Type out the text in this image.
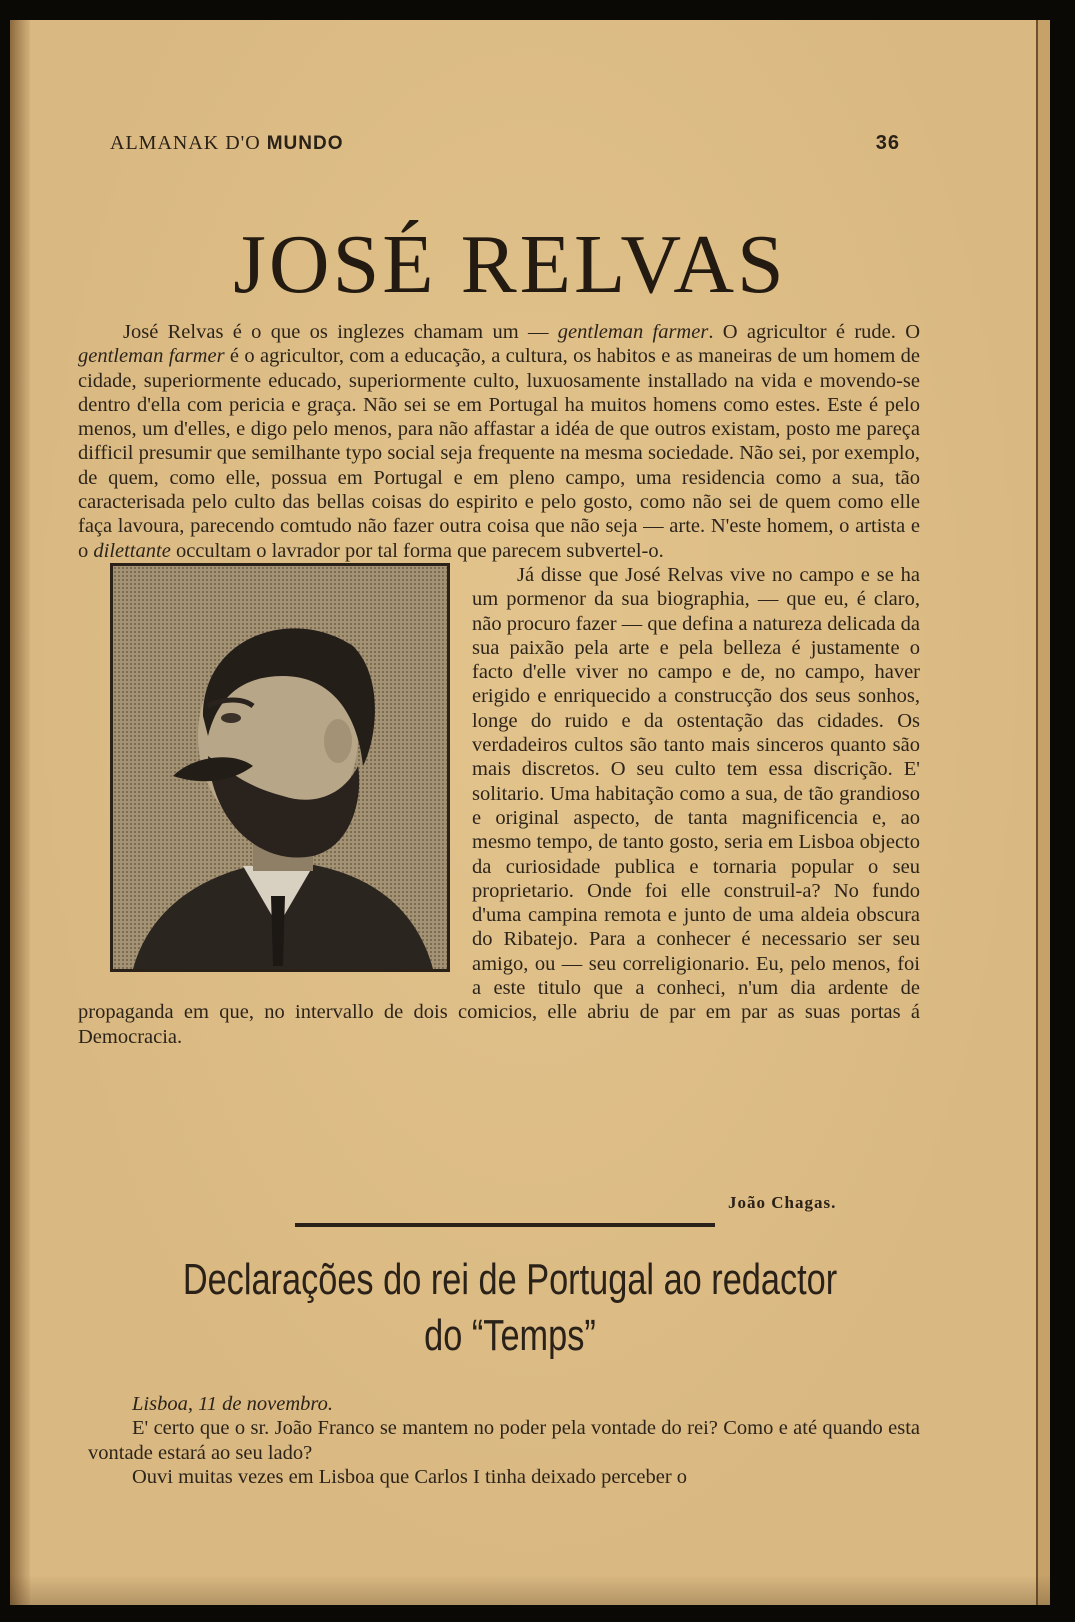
ALMANAK D'O MUNDO	36
JOSÉ RELVAS

José Relvas é o que os inglezes chamam um — gentleman farmer. O agricultor é rude. O gentleman farmer é o agricultor, com a educação, a cultura, os habitos e as maneiras de um homem de cidade, superiormente educado, superiormente culto, luxuosamente installado na vida e movendo-se dentro d'ella com pericia e graça. Não sei se em Portugal ha muitos homens como estes. Este é pelo menos, um d'elles, e digo pelo menos, para não affastar a idéa de que outros existam, posto me pareça difficil presumir que semilhante typo social seja frequente na mesma sociedade. Não sei, por exemplo, de quem, como elle, possua em Portugal e em pleno campo, uma residencia como a sua, tão caracterisada pelo culto das bellas coisas do espirito e pelo gosto, como não sei de quem como elle faça lavoura, parecendo comtudo não fazer outra coisa que não seja — arte. N'este homem, o artista e o dilettante occultam o lavrador por tal forma que parecem subvertel-o.

Já disse que José Relvas vive no campo e se ha um pormenor da sua biographia, — que eu, é claro, não procuro fazer — que defina a natureza delicada da sua paixão pela arte e pela belleza é justamente o facto d'elle viver no campo e de, no campo, haver erigido e enriquecido a construcção dos seus sonhos, longe do ruido e da ostentação das cidades. Os verdadeiros cultos são tanto mais sinceros quanto são mais discretos. O seu culto tem essa discrição. E' solitario. Uma habitação como a sua, de tão grandioso e original aspecto, de tanta magnificencia e, ao mesmo tempo, de tanto gosto, seria em Lisboa objecto da curiosidade publica e tornaria popular o seu proprietario. Onde foi elle construil-a? No fundo d'uma campina remota e junto de uma aldeia obscura do Ribatejo. Para a conhecer é necessario ser seu amigo, ou — seu correligionario. Eu, pelo menos, foi a este titulo que a conheci, n'um dia ardente de propaganda em que, no intervallo de dois comicios, elle abriu de par em par as suas portas á Democracia.

João Chagas.
Declarações do rei de Portugal ao redactor do “Temps”

Lisboa, 11 de novembro.

E' certo que o sr. João Franco se mantem no poder pela vontade do rei? Como e até quando esta vontade estará ao seu lado?

Ouvi muitas vezes em Lisboa que Carlos I tinha deixado perceber o
